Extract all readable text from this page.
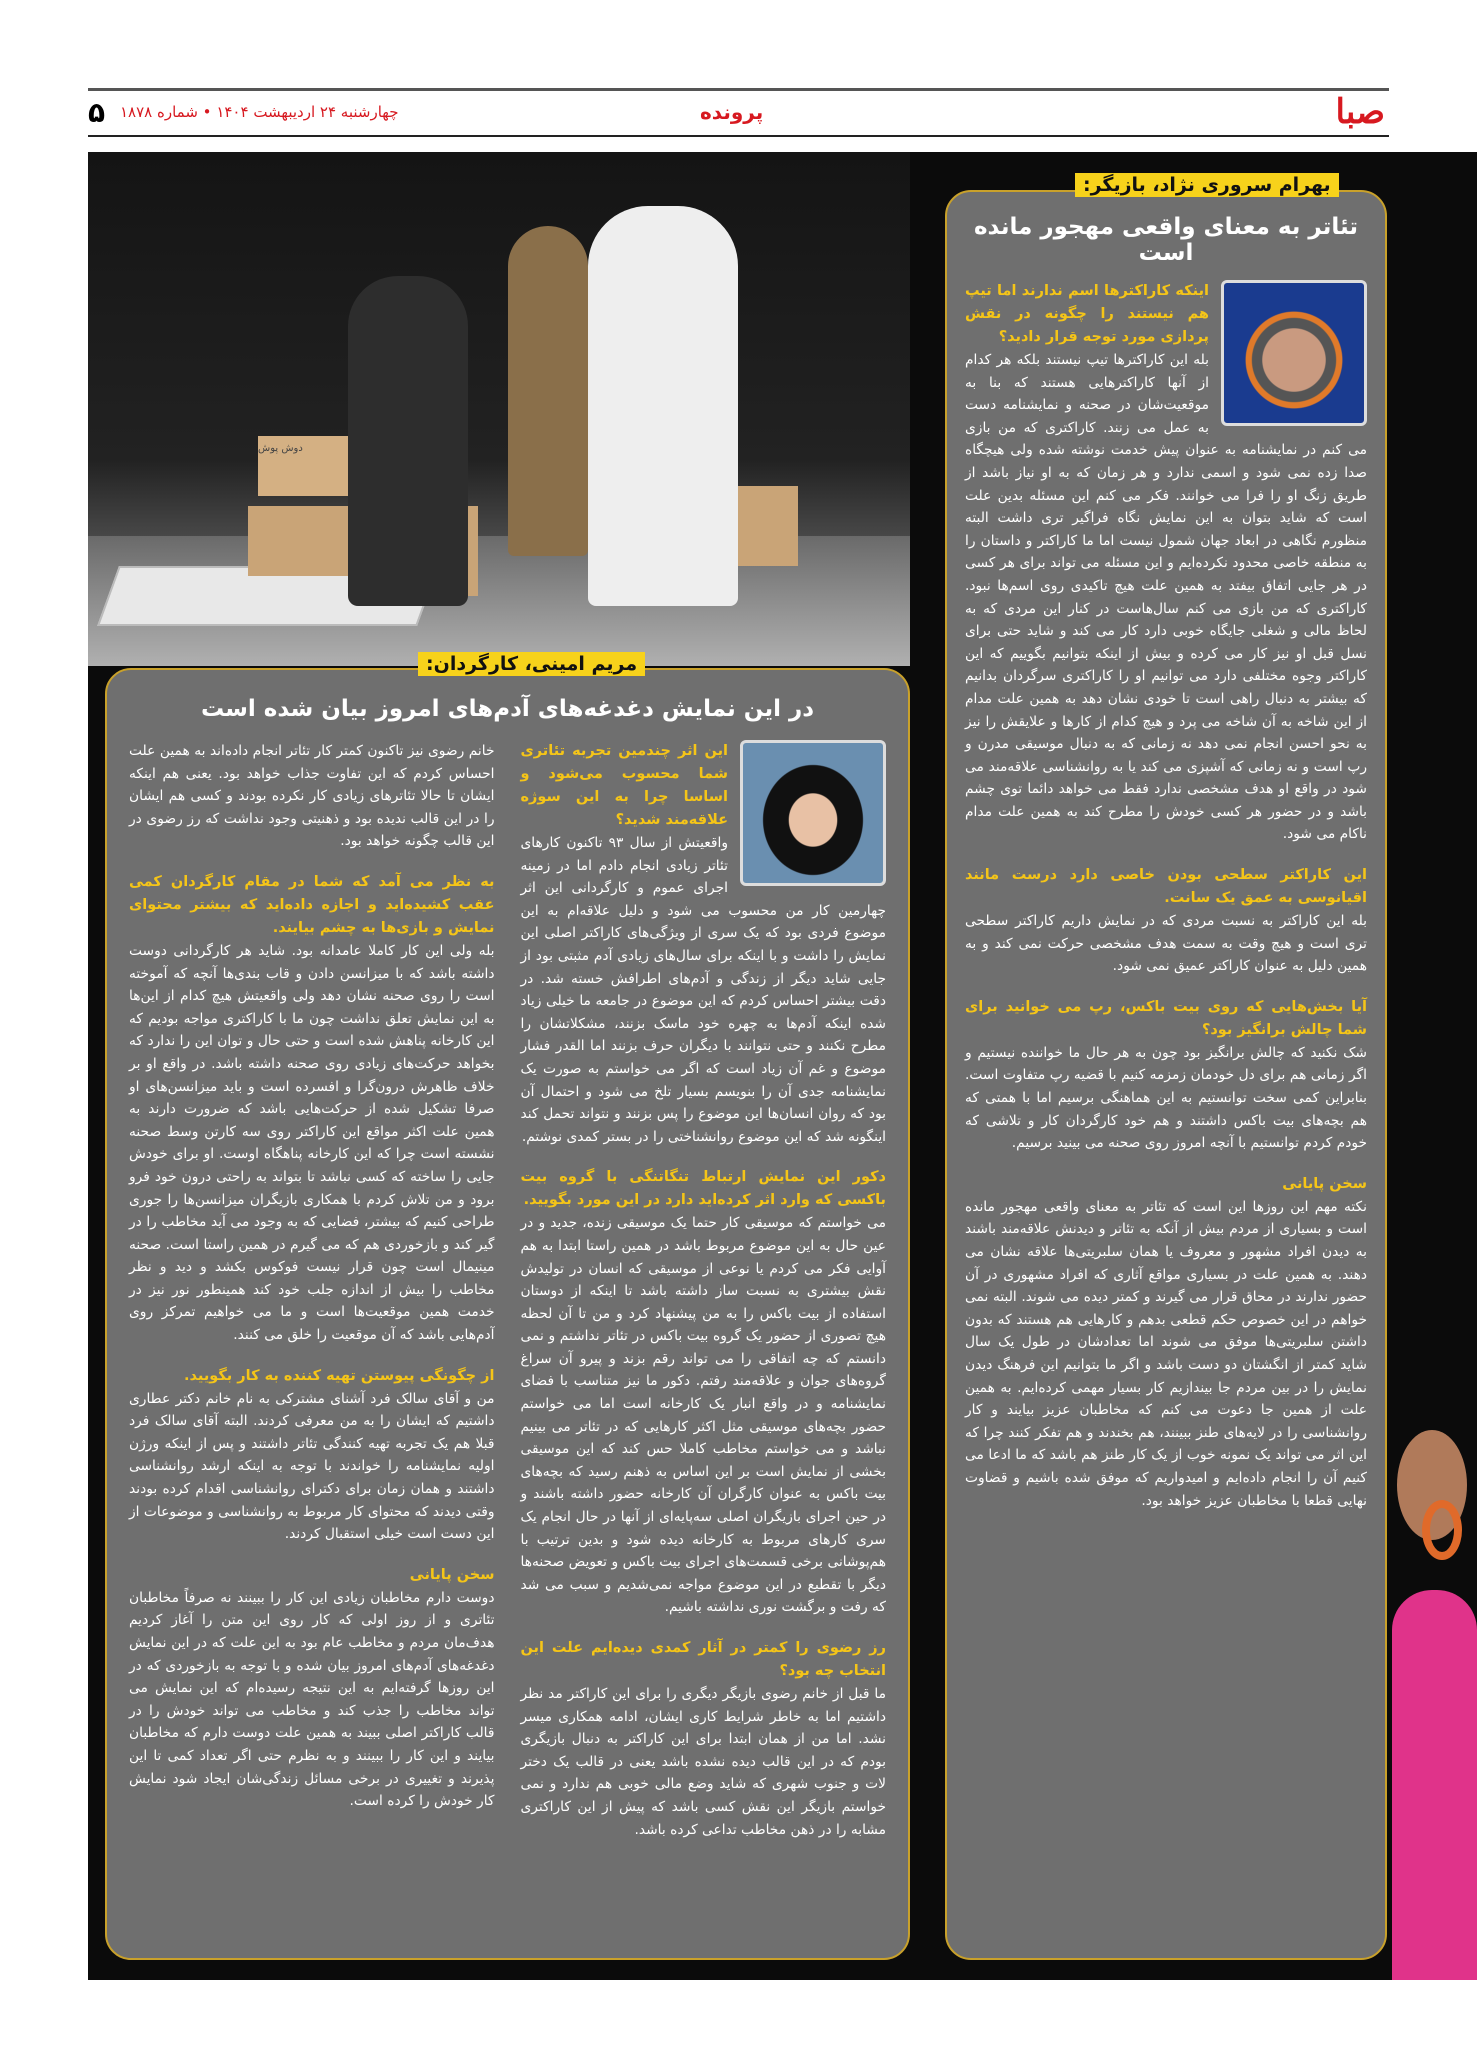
صبا
پرونده
چهارشنبه ۲۴ اردیبهشت ۱۴۰۴ • شماره ۱۸۷۸
۵
دوش پوش
بهرام سروری نژاد، بازیگر:
تئاتر به معنای واقعی مهجور مانده است
اینکه کاراکترها اسم ندارند اما تیپ هم نیستند را چگونه در نقش پردازی مورد توجه قرار دادید؟
بله این کاراکترها تیپ نیستند بلکه هر کدام از آنها کاراکترهایی هستند که بنا به موقعیت‌شان در صحنه و نمایشنامه دست به عمل می زنند. کاراکتری که من بازی می کنم در نمایشنامه به عنوان پیش خدمت نوشته شده ولی هیچگاه صدا زده نمی شود و اسمی ندارد و هر زمان که به او نیاز باشد از طریق زنگ او را فرا می خوانند. فکر می کنم این مسئله بدین علت است که شاید بتوان به این نمایش نگاه فراگیر تری داشت البته منظورم نگاهی در ابعاد جهان شمول نیست اما ما کاراکتر و داستان را به منطقه خاصی محدود نکرده‌ایم و این مسئله می تواند برای هر کسی در هر جایی اتفاق بیفتد به همین علت هیچ تاکیدی روی اسم‌ها نبود. کاراکتری که من بازی می کنم سال‌هاست در کنار این مردی که به لحاظ مالی و شغلی جایگاه خوبی دارد کار می کند و شاید حتی برای نسل قبل او نیز کار می کرده و بیش از اینکه بتوانیم بگوییم که این کاراکتر وجوه مختلفی دارد می توانیم او را کاراکتری سرگردان بدانیم که بیشتر به دنبال راهی است تا خودی نشان دهد به همین علت مدام از این شاخه به آن شاخه می پرد و هیچ کدام از کارها و علایقش را نیز به نحو احسن انجام نمی دهد نه زمانی که به دنبال موسیقی مدرن و رپ است و نه زمانی که آشپزی می کند یا به روانشناسی علاقه‌مند می شود در واقع او هدف مشخصی ندارد فقط می خواهد دائما توی چشم باشد و در حضور هر کسی خودش را مطرح کند به همین علت مدام ناکام می شود.
این کاراکتر سطحی بودن خاصی دارد درست مانند اقیانوسی به عمق یک سانت.
بله این کاراکتر به نسبت مردی که در نمایش داریم کاراکتر سطحی تری است و هیچ وقت به سمت هدف مشخصی حرکت نمی کند و به همین دلیل به عنوان کاراکتر عمیق نمی شود.
آیا بخش‌هایی که روی بیت باکس، رپ می خوانید برای شما چالش برانگیز بود؟
شک نکنید که چالش برانگیز بود چون به هر حال ما خواننده نیستیم و اگر زمانی هم برای دل خودمان زمزمه کنیم با قضیه رپ متفاوت است. بنابراین کمی سخت توانستیم به این هماهنگی برسیم اما با همتی که هم بچه‌های بیت باکس داشتند و هم خود کارگردان کار و تلاشی که خودم کردم توانستیم با آنچه امروز روی صحنه می بینید برسیم.
سخن پایانی
نکته مهم این روزها این است که تئاتر به معنای واقعی مهجور مانده است و بسیاری از مردم بیش از آنکه به تئاتر و دیدنش علاقه‌مند باشند به دیدن افراد مشهور و معروف یا همان سلبریتی‌ها علاقه نشان می دهند. به همین علت در بسیاری مواقع آثاری که افراد مشهوری در آن حضور ندارند در محاق قرار می گیرند و کمتر دیده می شوند. البته نمی خواهم در این خصوص حکم قطعی بدهم و کارهایی هم هستند که بدون داشتن سلبریتی‌ها موفق می شوند اما تعدادشان در طول یک سال شاید کمتر از انگشتان دو دست باشد و اگر ما بتوانیم این فرهنگ دیدن نمایش را در بین مردم جا بیندازیم کار بسیار مهمی کرده‌ایم. به همین علت از همین جا دعوت می کنم که مخاطبان عزیز بیایند و کار روانشناسی را در لایه‌های طنز ببینند، هم بخندند و هم تفکر کنند چرا که این اثر می تواند یک نمونه خوب از یک کار طنز هم باشد که ما ادعا می کنیم آن را انجام داده‌ایم و امیدواریم که موفق شده باشیم و قضاوت نهایی قطعا با مخاطبان عزیز خواهد بود.
مریم امینی، کارگردان:
در این نمایش دغدغه‌های آدم‌های امروز بیان شده است
این اثر چندمین تجربه تئاتری شما محسوب می‌شود و اساسا چرا به این سوژه علاقه‌مند شدید؟
واقعیتش از سال ۹۳ تاکنون کارهای تئاتر زیادی انجام دادم اما در زمینه اجرای عموم و کارگردانی این اثر چهارمین کار من محسوب می شود و دلیل علاقه‌ام به این موضوع فردی بود که یک سری از ویژگی‌های کاراکتر اصلی این نمایش را داشت و با اینکه برای سال‌های زیادی آدم مثبتی بود از جایی شاید دیگر از زندگی و آدم‌های اطرافش خسته شد. در دقت بیشتر احساس کردم که این موضوع در جامعه ما خیلی زیاد شده اینکه آدم‌ها به چهره خود ماسک بزنند، مشکلاتشان را مطرح نکنند و حتی نتوانند با دیگران حرف بزنند اما القدر فشار موضوع و غم آن زیاد است که اگر می خواستم به صورت یک نمایشنامه جدی آن را بنویسم بسیار تلخ می شود و احتمال آن بود که روان انسان‌ها این موضوع را پس بزنند و نتواند تحمل کند اینگونه شد که این موضوع روانشناختی را در بستر کمدی نوشتم.
دکور این نمایش ارتباط تنگاتنگی با گروه بیت باکسی که وارد اثر کرده‌اید دارد در این مورد بگویید.
می خواستم که موسیقی کار حتما یک موسیقی زنده، جدید و در عین حال به این موضوع مربوط باشد در همین راستا ابتدا به هم آوایی فکر می کردم یا نوعی از موسیقی که انسان در تولیدش نقش بیشتری به نسبت ساز داشته باشد تا اینکه از دوستان استفاده از بیت باکس را به من پیشنهاد کرد و من تا آن لحظه هیچ تصوری از حضور یک گروه بیت باکس در تئاتر نداشتم و نمی دانستم که چه اتفاقی را می تواند رقم بزند و پیرو آن سراغ گروه‌های جوان و علاقه‌مند رفتم. دکور ما نیز متناسب با فضای نمایشنامه و در واقع انبار یک کارخانه است اما می خواستم حضور بچه‌های موسیقی مثل اکثر کارهایی که در تئاتر می بینیم نباشد و می خواستم مخاطب کاملا حس کند که این موسیقی بخشی از نمایش است بر این اساس به ذهنم رسید که بچه‌های بیت باکس به عنوان کارگران آن کارخانه حضور داشته باشند و در حین اجرای بازیگران اصلی سه‌پایه‌ای از آنها در حال انجام یک سری کارهای مربوط به کارخانه دیده شود و بدین ترتیب با هم‌پوشانی برخی قسمت‌های اجرای بیت باکس و تعویض صحنه‌ها دیگر با تقطیع در این موضوع مواجه نمی‌شدیم و سبب می شد که رفت و برگشت نوری نداشته باشیم.
رز رضوی را کمتر در آثار کمدی دیده‌ایم علت این انتخاب چه بود؟
ما قبل از خانم رضوی بازیگر دیگری را برای این کاراکتر مد نظر داشتیم اما به خاطر شرایط کاری ایشان، ادامه همکاری میسر نشد. اما من از همان ابتدا برای این کاراکتر به دنبال بازیگری بودم که در این قالب دیده نشده باشد یعنی در قالب یک دختر لات و جنوب شهری که شاید وضع مالی خوبی هم ندارد و نمی خواستم بازیگر این نقش کسی باشد که پیش از این کاراکتری مشابه را در ذهن مخاطب تداعی کرده باشد.
خانم رضوی نیز تاکنون کمتر کار تئاتر انجام داده‌اند به همین علت احساس کردم که این تفاوت جذاب خواهد بود. یعنی هم اینکه ایشان تا حالا تئاترهای زیادی کار نکرده بودند و کسی هم ایشان را در این قالب ندیده بود و ذهنیتی وجود نداشت که رز رضوی در این قالب چگونه خواهد بود.
به نظر می آمد که شما در مقام کارگردان کمی عقب کشیده‌اید و اجازه داده‌اید که بیشتر محتوای نمایش و بازی‌ها به چشم بیایند.
بله ولی این کار کاملا عامدانه بود. شاید هر کارگردانی دوست داشته باشد که با میزانسن دادن و قاب بندی‌ها آنچه که آموخته است را روی صحنه نشان دهد ولی واقعیتش هیچ کدام از این‌ها به این نمایش تعلق نداشت چون ما با کاراکتری مواجه بودیم که این کارخانه پناهش شده است و حتی حال و توان این را ندارد که بخواهد حرکت‌های زیادی روی صحنه داشته باشد. در واقع او بر خلاف ظاهرش درون‌گرا و افسرده است و باید میزانسن‌های او صرفا تشکیل شده از حرکت‌هایی باشد که ضرورت دارند به همین علت اکثر مواقع این کاراکتر روی سه کارتن وسط صحنه نشسته است چرا که این کارخانه پناهگاه اوست. او برای خودش جایی را ساخته که کسی نباشد تا بتواند به راحتی درون خود فرو برود و من تلاش کردم با همکاری بازیگران میزانسن‌ها را جوری طراحی کنیم که بیشتر، فضایی که به وجود می آید مخاطب را در گیر کند و بازخوردی هم که می گیرم در همین راستا است. صحنه مینیمال است چون قرار نیست فوکوس بکشد و دید و نظر مخاطب را بیش از اندازه جلب خود کند همینطور نور نیز در خدمت همین موقعیت‌ها است و ما می خواهیم تمرکز روی آدم‌هایی باشد که آن موقعیت را خلق می کنند.
از چگونگی پیوستن تهیه کننده به کار بگویید.
من و آقای سالک فرد آشنای مشترکی به نام خانم دکتر عطاری داشتیم که ایشان را به من معرفی کردند. البته آقای سالک فرد قبلا هم یک تجربه تهیه کنندگی تئاتر داشتند و پس از اینکه ورژن اولیه نمایشنامه را خواندند با توجه به اینکه ارشد روانشناسی داشتند و همان زمان برای دکترای روانشناسی اقدام کرده بودند وقتی دیدند که محتوای کار مربوط به روانشناسی و موضوعات از این دست است خیلی استقبال کردند.
سخن پایانی
دوست دارم مخاطبان زیادی این کار را ببینند نه صرفاً مخاطبان تئاتری و از روز اولی که کار روی این متن را آغاز کردیم هدف‌مان مردم و مخاطب عام بود به این علت که در این نمایش دغدغه‌های آدم‌های امروز بیان شده و با توجه به بازخوردی که در این روزها گرفته‌ایم به این نتیجه رسیده‌ام که این نمایش می تواند مخاطب را جذب کند و مخاطب می تواند خودش را در قالب کاراکتر اصلی ببیند به همین علت دوست دارم که مخاطبان بیایند و این کار را ببینند و به نظرم حتی اگر تعداد کمی تا این پذیرند و تغییری در برخی مسائل زندگی‌شان ایجاد شود نمایش کار خودش را کرده است.
